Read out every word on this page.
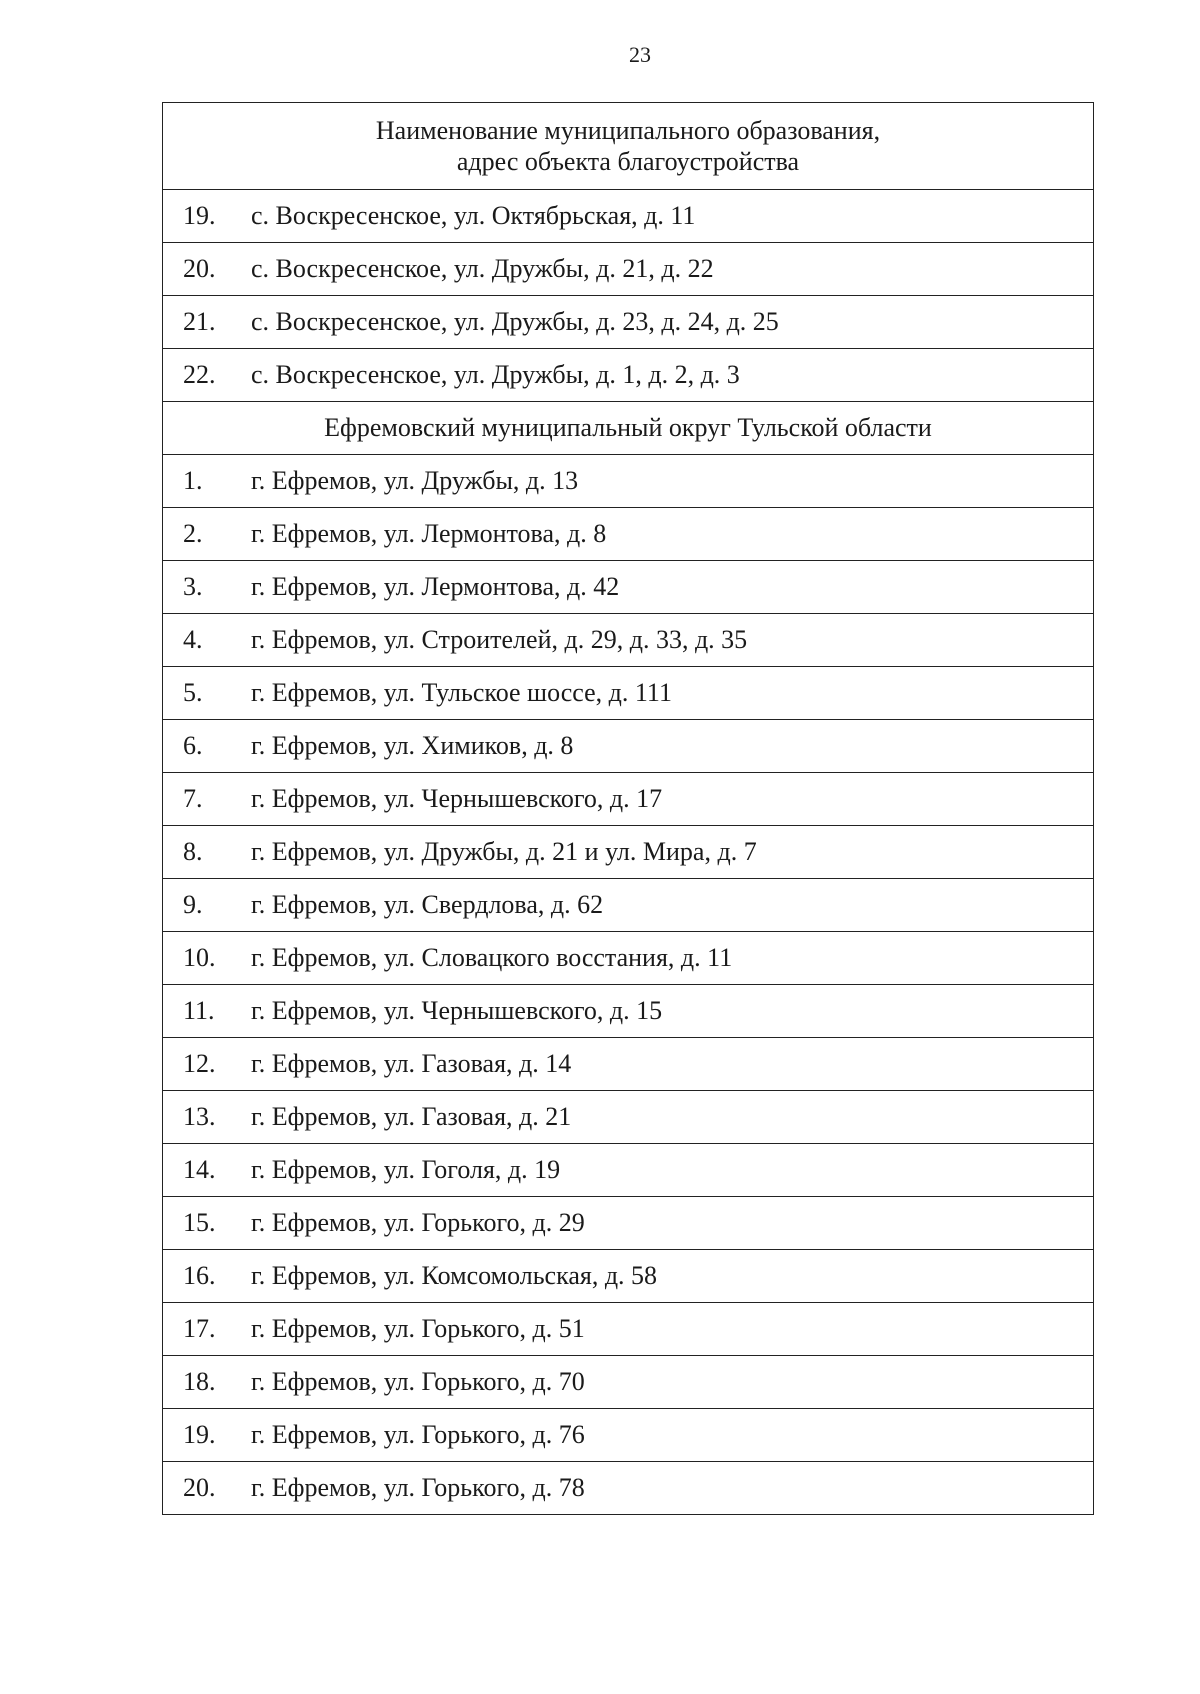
23
Наименование муниципального образования,
адрес объекта благоустройства

19.	с. Воскресенское, ул. Октябрьская, д. 11

20.	с. Воскресенское, ул. Дружбы, д. 21, д. 22

21.	с. Воскресенское, ул. Дружбы, д. 23, д. 24, д. 25

22.	с. Воскресенское, ул. Дружбы, д. 1, д. 2, д. 3

Ефремовский муниципальный округ Тульской области

1.	г. Ефремов, ул. Дружбы, д. 13

2.	г. Ефремов, ул. Лермонтова, д. 8

3.	г. Ефремов, ул. Лермонтова, д. 42

4.	г. Ефремов, ул. Строителей, д. 29, д. 33, д. 35

5.	г. Ефремов, ул. Тульское шоссе, д. 111

6.	г. Ефремов, ул. Химиков, д. 8

7.	г. Ефремов, ул. Чернышевского, д. 17

8.	г. Ефремов, ул. Дружбы, д. 21 и ул. Мира, д. 7

9.	г. Ефремов, ул. Свердлова, д. 62

10.	г. Ефремов, ул. Словацкого восстания, д. 11

11.	г. Ефремов, ул. Чернышевского, д. 15

12.	г. Ефремов, ул. Газовая, д. 14

13.	г. Ефремов, ул. Газовая, д. 21

14.	г. Ефремов, ул. Гоголя, д. 19

15.	г. Ефремов, ул. Горького, д. 29

16.	г. Ефремов, ул. Комсомольская, д. 58

17.	г. Ефремов, ул. Горького, д. 51

18.	г. Ефремов, ул. Горького, д. 70

19.	г. Ефремов, ул. Горького, д. 76

20.	г. Ефремов, ул. Горького, д. 78
